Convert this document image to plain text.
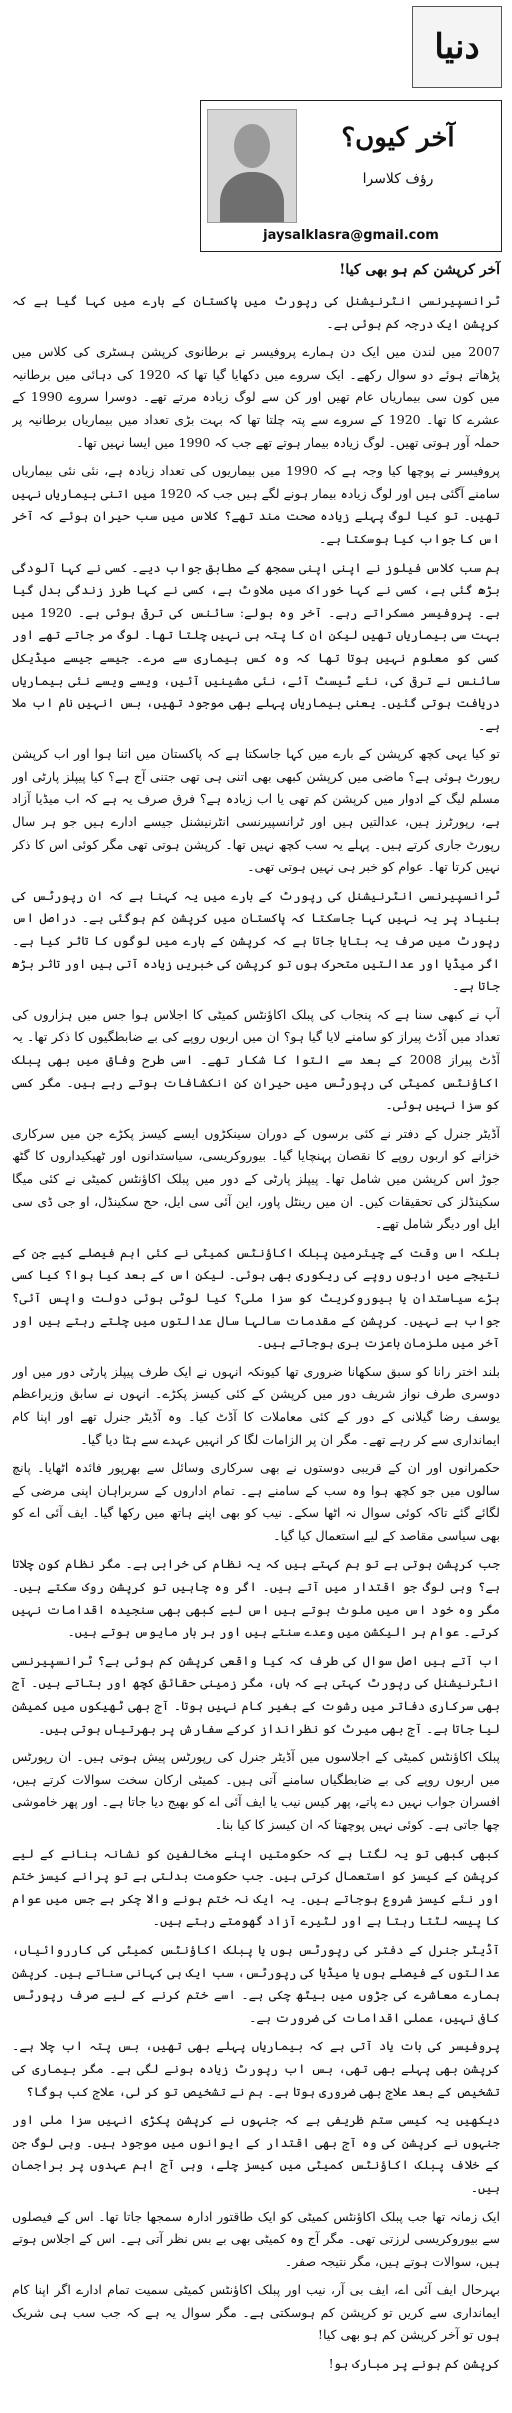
دنیا
آخر کیوں؟
رؤف کلاسرا
jaysalklasra@gmail.com
آخر کرپشن کم ہو بھی کیا!

ٹرانسپیرنسی انٹرنیشنل کی رپورٹ میں پاکستان کے بارے میں کہا گیا ہے کہ کرپشن ایک درجہ کم ہوئی ہے۔

2007 میں لندن میں ایک دن ہمارے پروفیسر نے برطانوی کرپشن ہسٹری کی کلاس میں پڑھاتے ہوئے دو سوال رکھے۔ ایک سروے میں دکھایا گیا تھا کہ 1920 کی دہائی میں برطانیہ میں کون سی بیماریاں عام تھیں اور کن سے لوگ زیادہ مرتے تھے۔ دوسرا سروے 1990 کے عشرے کا تھا۔ 1920 کے سروے سے پتہ چلتا تھا کہ بہت بڑی تعداد میں بیماریاں برطانیہ پر حملہ آور ہوتی تھیں۔ لوگ زیادہ بیمار ہوتے تھے جب کہ 1990 میں ایسا نہیں تھا۔

پروفیسر نے پوچھا کیا وجہ ہے کہ 1990 میں بیماریوں کی تعداد زیادہ ہے، نئی نئی بیماریاں سامنے آگئی ہیں اور لوگ زیادہ بیمار ہونے لگے ہیں جب کہ 1920 میں اتنی بیماریاں نہیں تھیں۔ تو کیا لوگ پہلے زیادہ صحت مند تھے؟ کلاس میں سب حیران ہوئے کہ آخر اس کا جواب کیا ہوسکتا ہے۔

ہم سب کلاس فیلوز نے اپنی اپنی سمجھ کے مطابق جواب دیے۔ کسی نے کہا آلودگی بڑھ گئی ہے، کسی نے کہا خوراک میں ملاوٹ ہے، کسی نے کہا طرز زندگی بدل گیا ہے۔ پروفیسر مسکراتے رہے۔ آخر وہ بولے: سائنس کی ترقی ہوئی ہے۔ 1920 میں بہت سی بیماریاں تھیں لیکن ان کا پتہ ہی نہیں چلتا تھا۔ لوگ مر جاتے تھے اور کسی کو معلوم نہیں ہوتا تھا کہ وہ کس بیماری سے مرے۔ جیسے جیسے میڈیکل سائنس نے ترقی کی، نئے ٹیسٹ آئے، نئی مشینیں آئیں، ویسے ویسے نئی بیماریاں دریافت ہوتی گئیں۔ یعنی بیماریاں پہلے بھی موجود تھیں، بس انہیں نام اب ملا ہے۔

تو کیا یہی کچھ کرپشن کے بارے میں کہا جاسکتا ہے کہ پاکستان میں اتنا ہوا اور اب کرپشن رپورٹ ہوئی ہے؟ ماضی میں کرپشن کبھی بھی اتنی ہی تھی جتنی آج ہے؟ کیا پیپلز پارٹی اور مسلم لیگ کے ادوار میں کرپشن کم تھی یا اب زیادہ ہے؟ فرق صرف یہ ہے کہ اب میڈیا آزاد ہے، رپورٹرز ہیں، عدالتیں ہیں اور ٹرانسپیرنسی انٹرنیشنل جیسے ادارے ہیں جو ہر سال رپورٹ جاری کرتے ہیں۔ پہلے یہ سب کچھ نہیں تھا۔ کرپشن ہوتی تھی مگر کوئی اس کا ذکر نہیں کرتا تھا۔ عوام کو خبر ہی نہیں ہوتی تھی۔

ٹرانسپیرنسی انٹرنیشنل کی رپورٹ کے بارے میں یہ کہنا ہے کہ ان رپورٹس کی بنیاد پر یہ نہیں کہا جاسکتا کہ پاکستان میں کرپشن کم ہوگئی ہے۔ دراصل اس رپورٹ میں صرف یہ بتایا جاتا ہے کہ کرپشن کے بارے میں لوگوں کا تاثر کیا ہے۔ اگر میڈیا اور عدالتیں متحرک ہوں تو کرپشن کی خبریں زیادہ آتی ہیں اور تاثر بڑھ جاتا ہے۔

آپ نے کبھی سنا ہے کہ پنجاب کی پبلک اکاؤنٹس کمیٹی کا اجلاس ہوا جس میں ہزاروں کی تعداد میں آڈٹ پیراز کو سامنے لایا گیا ہو؟ ان میں اربوں روپے کی بے ضابطگیوں کا ذکر تھا۔ یہ آڈٹ پیراز 2008 کے بعد سے التوا کا شکار تھے۔ اسی طرح وفاق میں بھی پبلک اکاؤنٹس کمیٹی کی رپورٹس میں حیران کن انکشافات ہوتے رہے ہیں۔ مگر کسی کو سزا نہیں ہوئی۔

آڈیٹر جنرل کے دفتر نے کئی برسوں کے دوران سینکڑوں ایسے کیسز پکڑے جن میں سرکاری خزانے کو اربوں روپے کا نقصان پہنچایا گیا۔ بیوروکریسی، سیاستدانوں اور ٹھیکیداروں کا گٹھ جوڑ اس کرپشن میں شامل تھا۔ پیپلز پارٹی کے دور میں پبلک اکاؤنٹس کمیٹی نے کئی میگا سکینڈلز کی تحقیقات کیں۔ ان میں رینٹل پاور، این آئی سی ایل، حج سکینڈل، او جی ڈی سی ایل اور دیگر شامل تھے۔

بلکہ اس وقت کے چیئرمین پبلک اکاؤنٹس کمیٹی نے کئی اہم فیصلے کیے جن کے نتیجے میں اربوں روپے کی ریکوری بھی ہوئی۔ لیکن اس کے بعد کیا ہوا؟ کیا کسی بڑے سیاستدان یا بیوروکریٹ کو سزا ملی؟ کیا لوٹی ہوئی دولت واپس آئی؟ جواب ہے نہیں۔ کرپشن کے مقدمات سالہا سال عدالتوں میں چلتے رہتے ہیں اور آخر میں ملزمان باعزت بری ہوجاتے ہیں۔

بلند اختر رانا کو سبق سکھانا ضروری تھا کیونکہ انہوں نے ایک طرف پیپلز پارٹی دور میں اور دوسری طرف نواز شریف دور میں کرپشن کے کئی کیسز پکڑے۔ انہوں نے سابق وزیراعظم یوسف رضا گیلانی کے دور کے کئی معاملات کا آڈٹ کیا۔ وہ آڈیٹر جنرل تھے اور اپنا کام ایمانداری سے کر رہے تھے۔ مگر ان پر الزامات لگا کر انہیں عہدے سے ہٹا دیا گیا۔

حکمرانوں اور ان کے قریبی دوستوں نے بھی سرکاری وسائل سے بھرپور فائدہ اٹھایا۔ پانچ سالوں میں جو کچھ ہوا وہ سب کے سامنے ہے۔ تمام اداروں کے سربراہان اپنی مرضی کے لگائے گئے تاکہ کوئی سوال نہ اٹھا سکے۔ نیب کو بھی اپنے ہاتھ میں رکھا گیا۔ ایف آئی اے کو بھی سیاسی مقاصد کے لیے استعمال کیا گیا۔

جب کرپشن ہوتی ہے تو ہم کہتے ہیں کہ یہ نظام کی خرابی ہے۔ مگر نظام کون چلاتا ہے؟ وہی لوگ جو اقتدار میں آتے ہیں۔ اگر وہ چاہیں تو کرپشن روک سکتے ہیں۔ مگر وہ خود اس میں ملوث ہوتے ہیں اس لیے کبھی بھی سنجیدہ اقدامات نہیں کرتے۔ عوام ہر الیکشن میں وعدے سنتے ہیں اور ہر بار مایوس ہوتے ہیں۔

اب آتے ہیں اصل سوال کی طرف کہ کیا واقعی کرپشن کم ہوئی ہے؟ ٹرانسپیرنسی انٹرنیشنل کی رپورٹ کہتی ہے کہ ہاں، مگر زمینی حقائق کچھ اور بتاتے ہیں۔ آج بھی سرکاری دفاتر میں رشوت کے بغیر کام نہیں ہوتا۔ آج بھی ٹھیکوں میں کمیشن لیا جاتا ہے۔ آج بھی میرٹ کو نظرانداز کرکے سفارش پر بھرتیاں ہوتی ہیں۔

پبلک اکاؤنٹس کمیٹی کے اجلاسوں میں آڈیٹر جنرل کی رپورٹس پیش ہوتی ہیں۔ ان رپورٹس میں اربوں روپے کی بے ضابطگیاں سامنے آتی ہیں۔ کمیٹی ارکان سخت سوالات کرتے ہیں، افسران جواب نہیں دے پاتے، پھر کیس نیب یا ایف آئی اے کو بھیج دیا جاتا ہے۔ اور پھر خاموشی چھا جاتی ہے۔ کوئی نہیں پوچھتا کہ ان کیسز کا کیا بنا۔

کبھی کبھی تو یہ لگتا ہے کہ حکومتیں اپنے مخالفین کو نشانہ بنانے کے لیے کرپشن کے کیسز کو استعمال کرتی ہیں۔ جب حکومت بدلتی ہے تو پرانے کیسز ختم اور نئے کیسز شروع ہوجاتے ہیں۔ یہ ایک نہ ختم ہونے والا چکر ہے جس میں عوام کا پیسہ لٹتا رہتا ہے اور لٹیرے آزاد گھومتے رہتے ہیں۔

آڈیٹر جنرل کے دفتر کی رپورٹس ہوں یا پبلک اکاؤنٹس کمیٹی کی کارروائیاں، عدالتوں کے فیصلے ہوں یا میڈیا کی رپورٹس، سب ایک ہی کہانی سناتے ہیں۔ کرپشن ہمارے معاشرے کی جڑوں میں بیٹھ چکی ہے۔ اسے ختم کرنے کے لیے صرف رپورٹس کافی نہیں، عملی اقدامات کی ضرورت ہے۔

پروفیسر کی بات یاد آتی ہے کہ بیماریاں پہلے بھی تھیں، بس پتہ اب چلا ہے۔ کرپشن بھی پہلے بھی تھی، بس اب رپورٹ زیادہ ہونے لگی ہے۔ مگر بیماری کی تشخیص کے بعد علاج بھی ضروری ہوتا ہے۔ ہم نے تشخیص تو کر لی، علاج کب ہوگا؟

دیکھیں یہ کیسی ستم ظریفی ہے کہ جنہوں نے کرپشن پکڑی انہیں سزا ملی اور جنہوں نے کرپشن کی وہ آج بھی اقتدار کے ایوانوں میں موجود ہیں۔ وہی لوگ جن کے خلاف پبلک اکاؤنٹس کمیٹی میں کیسز چلے، وہی آج اہم عہدوں پر براجمان ہیں۔

ایک زمانہ تھا جب پبلک اکاؤنٹس کمیٹی کو ایک طاقتور ادارہ سمجھا جاتا تھا۔ اس کے فیصلوں سے بیوروکریسی لرزتی تھی۔ مگر آج وہ کمیٹی بھی بے بس نظر آتی ہے۔ اس کے اجلاس ہوتے ہیں، سوالات ہوتے ہیں، مگر نتیجہ صفر۔

بہرحال ایف آئی اے، ایف بی آر، نیب اور پبلک اکاؤنٹس کمیٹی سمیت تمام ادارے اگر اپنا کام ایمانداری سے کریں تو کرپشن کم ہوسکتی ہے۔ مگر سوال یہ ہے کہ جب سب ہی شریک ہوں تو آخر کرپشن کم ہو بھی کیا!

کرپشن کم ہونے پر مبارک ہو!
